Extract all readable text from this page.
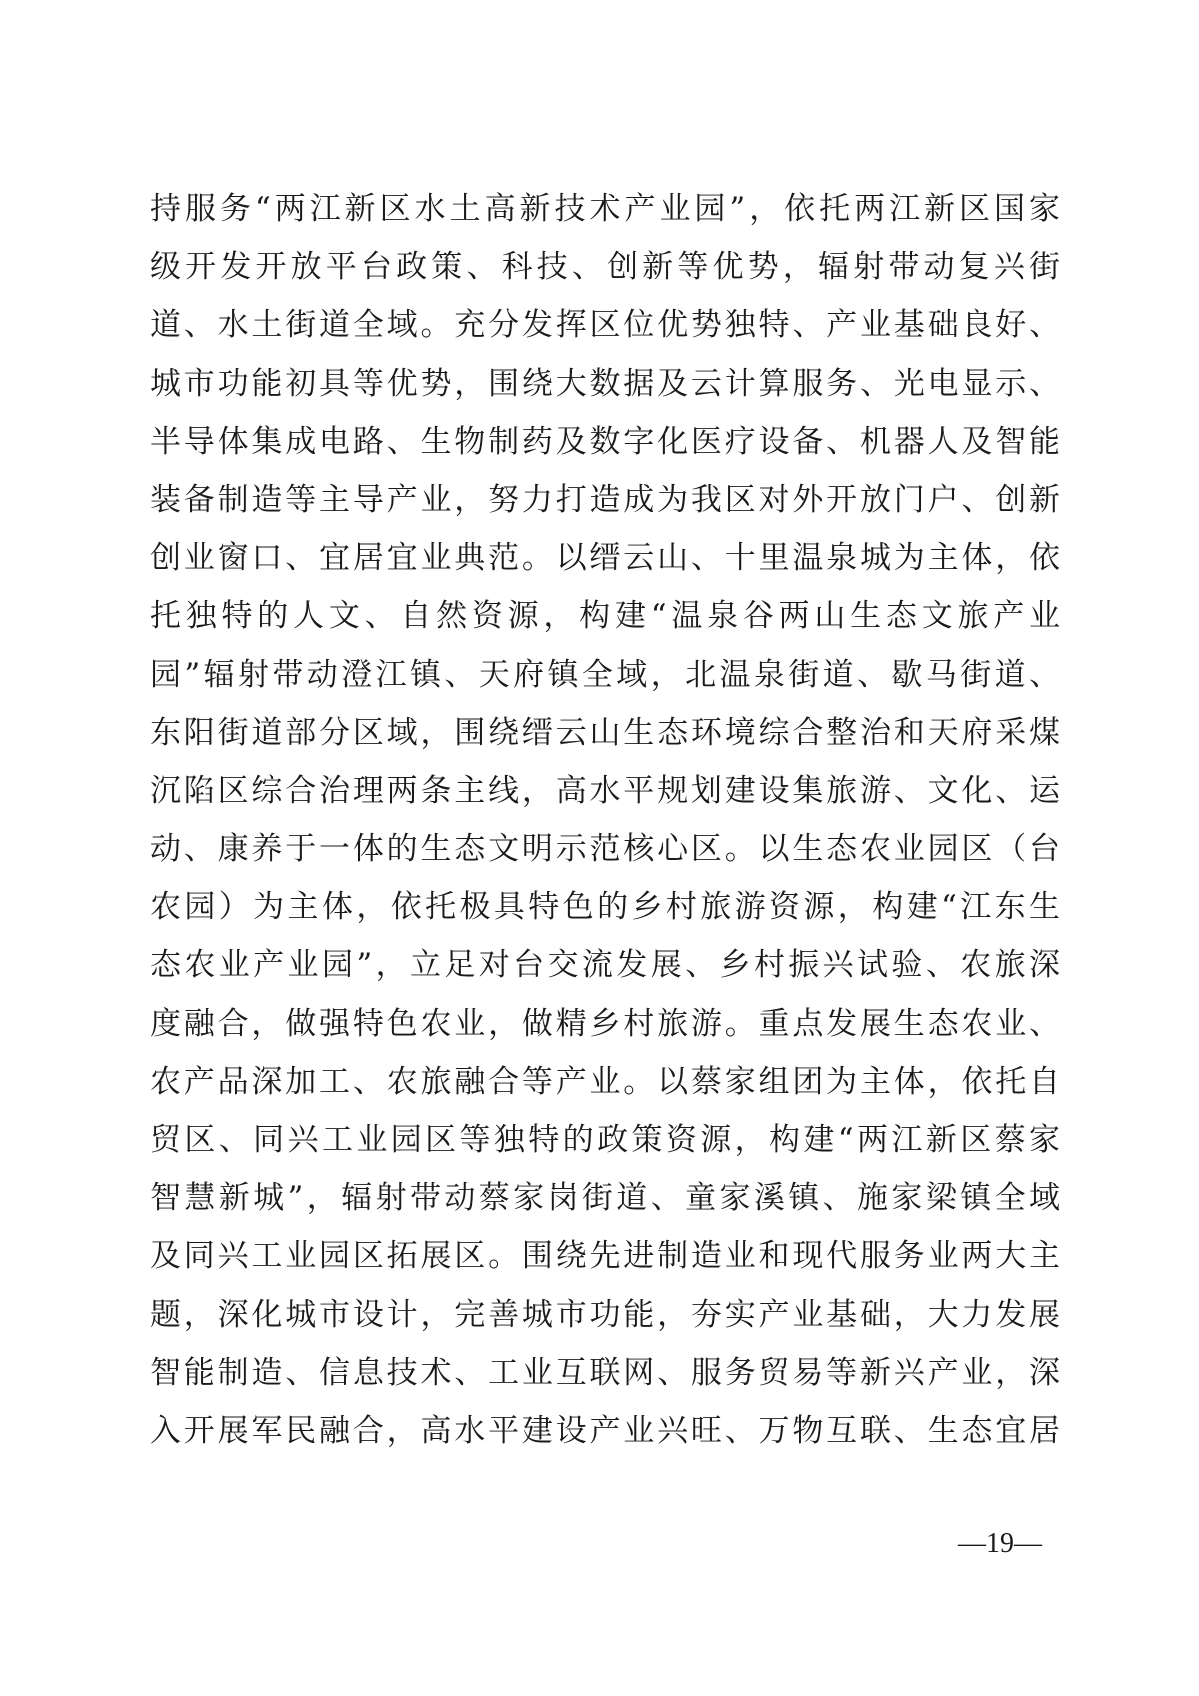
持服务“两江新区水土高新技术产业园”，依托两江新区国家
级开发开放平台政策、科技、创新等优势，辐射带动复兴街
道、水土街道全域。充分发挥区位优势独特、产业基础良好、
城市功能初具等优势，围绕大数据及云计算服务、光电显示、
半导体集成电路、生物制药及数字化医疗设备、机器人及智能
装备制造等主导产业，努力打造成为我区对外开放门户、创新
创业窗口、宜居宜业典范。以缙云山、十里温泉城为主体，依
托独特的人文、自然资源，构建“温泉谷两山生态文旅产业
园”辐射带动澄江镇、天府镇全域，北温泉街道、歇马街道、
东阳街道部分区域，围绕缙云山生态环境综合整治和天府采煤
沉陷区综合治理两条主线，高水平规划建设集旅游、文化、运
动、康养于一体的生态文明示范核心区。以生态农业园区（台
农园）为主体，依托极具特色的乡村旅游资源，构建“江东生
态农业产业园”，立足对台交流发展、乡村振兴试验、农旅深
度融合，做强特色农业，做精乡村旅游。重点发展生态农业、
农产品深加工、农旅融合等产业。以蔡家组团为主体，依托自
贸区、同兴工业园区等独特的政策资源，构建“两江新区蔡家
智慧新城”，辐射带动蔡家岗街道、童家溪镇、施家梁镇全域
及同兴工业园区拓展区。围绕先进制造业和现代服务业两大主
题，深化城市设计，完善城市功能，夯实产业基础，大力发展
智能制造、信息技术、工业互联网、服务贸易等新兴产业，深
入开展军民融合，高水平建设产业兴旺、万物互联、生态宜居
—19—
